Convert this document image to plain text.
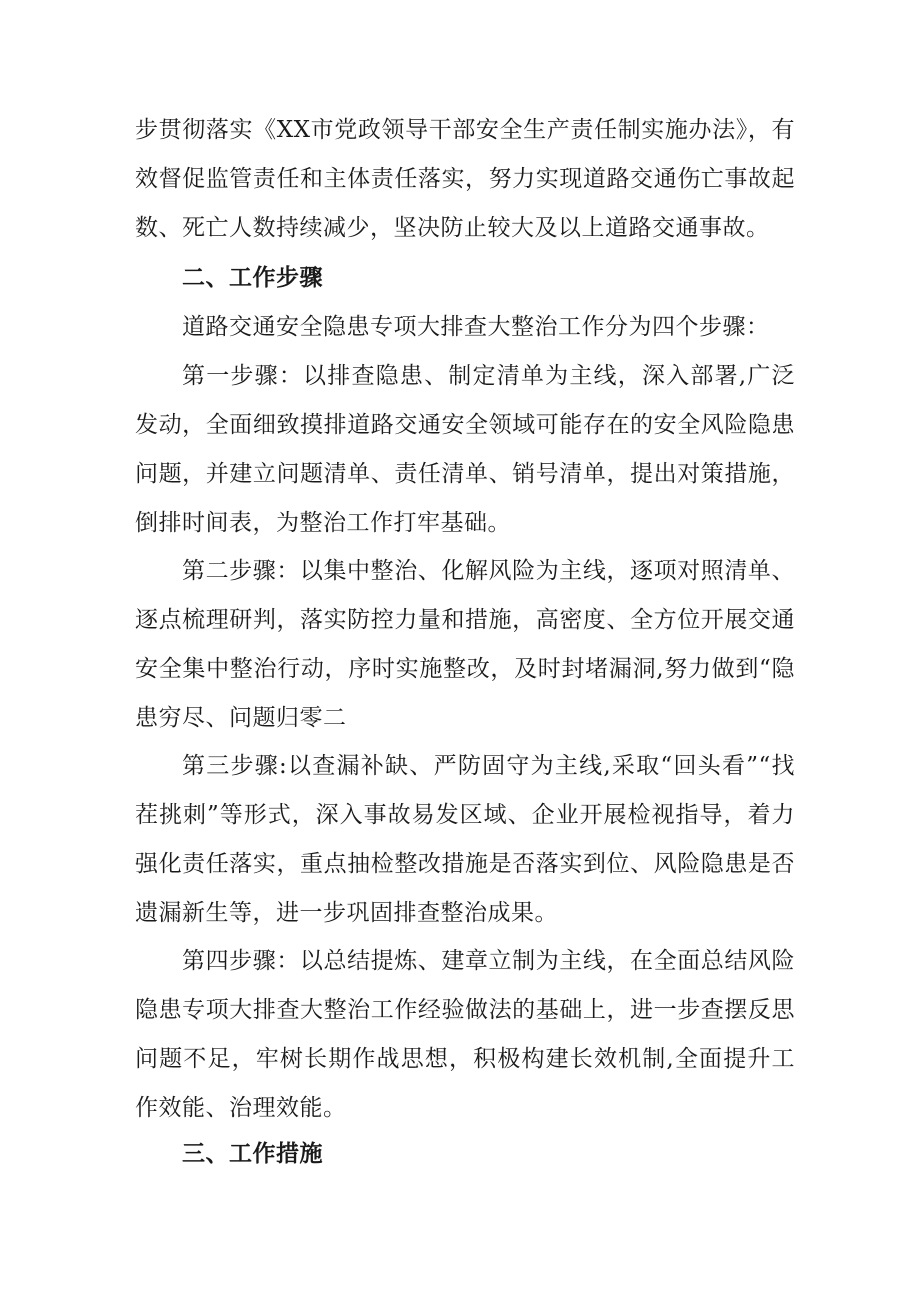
步贯彻落实《XX市党政领导干部安全生产责任制实施办法》，有效督促监管责任和主体责任落实，努力实现道路交通伤亡事故起数、死亡人数持续减少，坚决防止较大及以上道路交通事故。

二、工作步骤

道路交通安全隐患专项大排查大整治工作分为四个步骤：

第一步骤：以排查隐患、制定清单为主线，深入部署,广泛发动，全面细致摸排道路交通安全领域可能存在的安全风险隐患问题，并建立问题清单、责任清单、销号清单，提出对策措施，倒排时间表，为整治工作打牢基础。

第二步骤：以集中整治、化解风险为主线，逐项对照清单、逐点梳理研判，落实防控力量和措施，高密度、全方位开展交通安全集中整治行动，序时实施整改，及时封堵漏洞,努力做到“隐患穷尽、问题归零二

第三步骤:以查漏补缺、严防固守为主线,采取“回头看”“找茬挑刺”等形式，深入事故易发区域、企业开展检视指导，着力强化责任落实，重点抽检整改措施是否落实到位、风险隐患是否遗漏新生等，进一步巩固排查整治成果。

第四步骤：以总结提炼、建章立制为主线，在全面总结风险隐患专项大排查大整治工作经验做法的基础上，进一步查摆反思问题不足，牢树长期作战思想，积极构建长效机制,全面提升工作效能、治理效能。

三、工作措施
